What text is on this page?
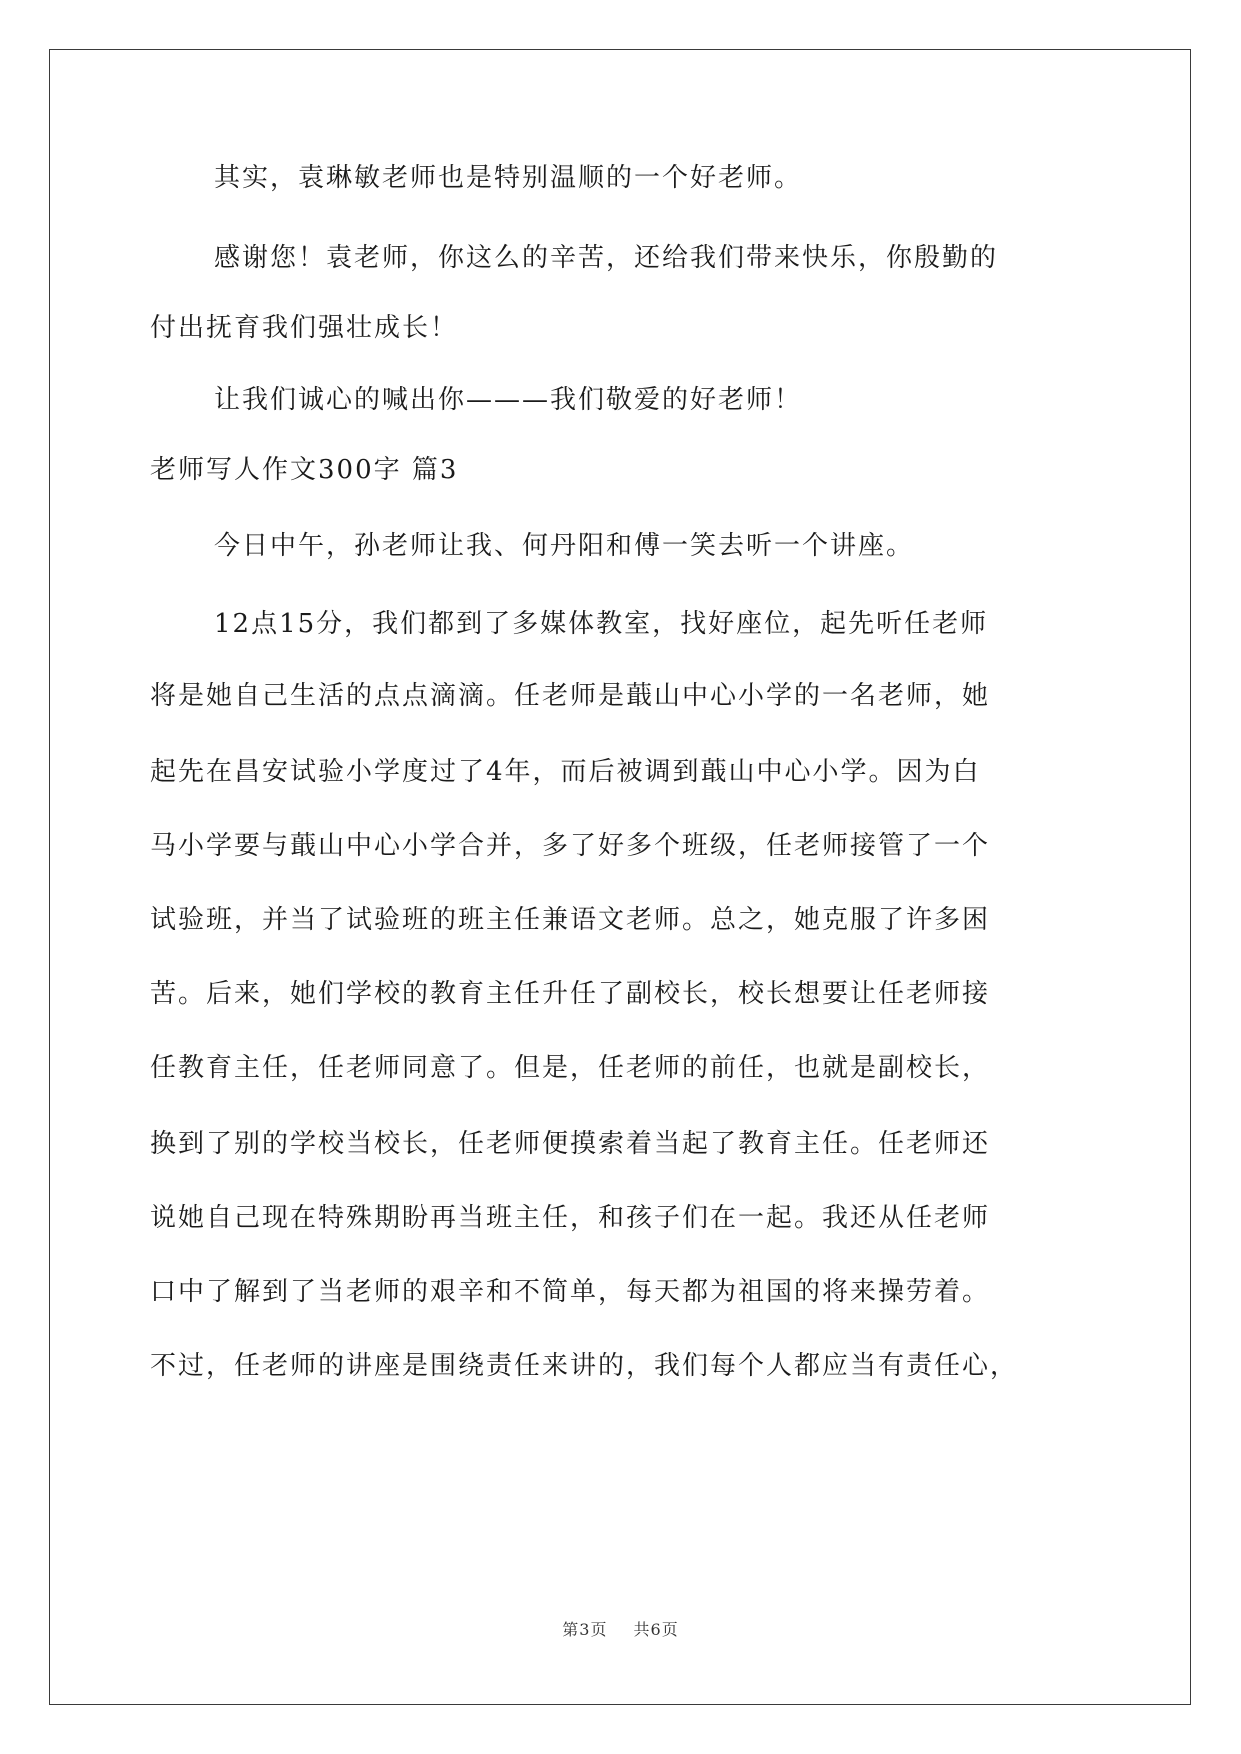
其实，袁琳敏老师也是特别温顺的一个好老师。
感谢您！袁老师，你这么的辛苦，还给我们带来快乐，你殷勤的
付出抚育我们强壮成长！
让我们诚心的喊出你———我们敬爱的好老师！
老师写人作文300字 篇3
今日中午，孙老师让我、何丹阳和傅一笑去听一个讲座。
12点15分，我们都到了多媒体教室，找好座位，起先听任老师
将是她自己生活的点点滴滴。任老师是蕺山中心小学的一名老师，她
起先在昌安试验小学度过了4年，而后被调到蕺山中心小学。因为白
马小学要与蕺山中心小学合并，多了好多个班级，任老师接管了一个
试验班，并当了试验班的班主任兼语文老师。总之，她克服了许多困
苦。后来，她们学校的教育主任升任了副校长，校长想要让任老师接
任教育主任，任老师同意了。但是，任老师的前任，也就是副校长，
换到了别的学校当校长，任老师便摸索着当起了教育主任。任老师还
说她自己现在特殊期盼再当班主任，和孩子们在一起。我还从任老师
口中了解到了当老师的艰辛和不简单，每天都为祖国的将来操劳着。
不过，任老师的讲座是围绕责任来讲的，我们每个人都应当有责任心，
第3页 共6页
